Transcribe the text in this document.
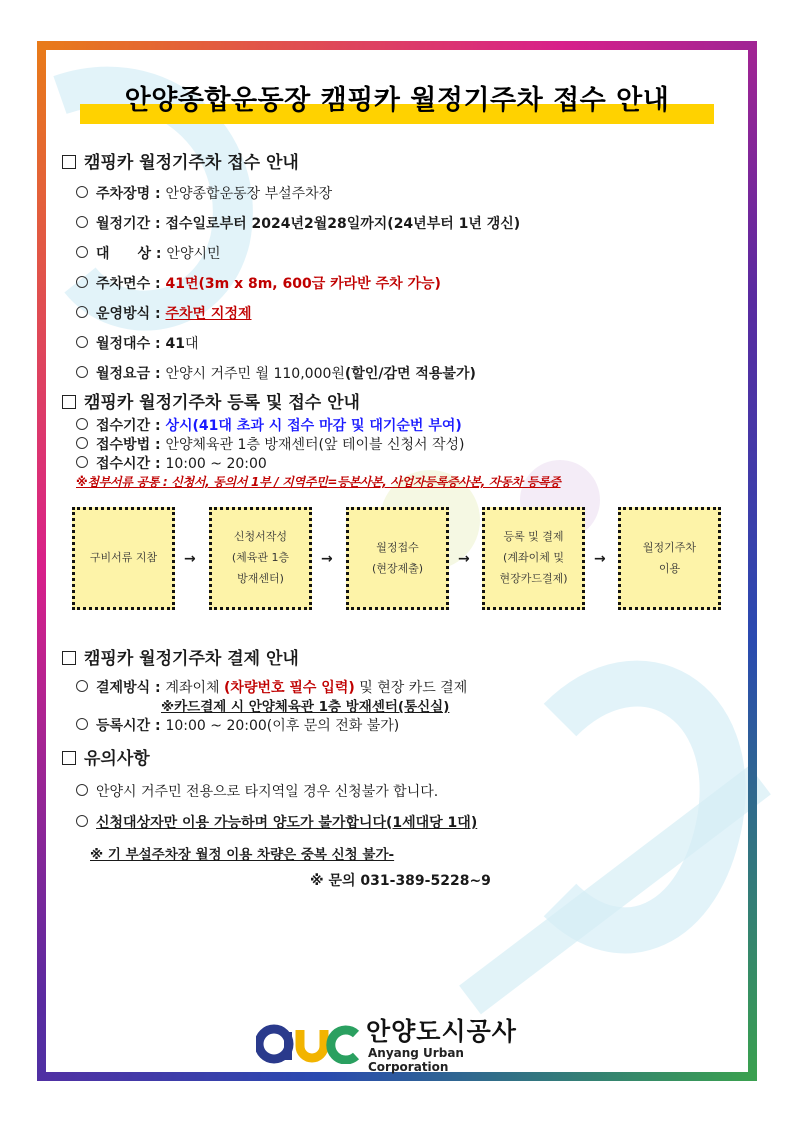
안양종합운동장 캠핑카 월정기주차 접수 안내
캠핑카 월정기주차 접수 안내
주차장명 : 안양종합운동장 부설주차장
월정기간 : 접수일로부터 2024년2월28일까지(24년부터 1년 갱신)
대　　상 : 안양시민
주차면수 : 41면(3m x 8m, 600급 카라반 주차 가능)
운영방식 : 주차면 지정제
월정대수 : 41대
월정요금 : 안양시 거주민 월 110,000원(할인/감면 적용불가)
캠핑카 월정기주차 등록 및 접수 안내
접수기간 : 상시(41대 초과 시 접수 마감 및 대기순번 부여)
접수방법 : 안양체육관 1층 방재센터(앞 테이블 신청서 작성)
접수시간 : 10:00 ~ 20:00
※첨부서류 공통 : 신청서, 동의서 1부 / 지역주민=등본사본, 사업자등록증사본, 자동차 등록증
구비서류 지참	→
신청서작성
(체육관 1층
방재센터)
→
월정접수
(현장제출)
→
등록 및 결제
(계좌이체 및
현장카드결제)
→
월정기주차
이용
캠핑카 월정기주차 결제 안내
결제방식 : 계좌이체 (차량번호 필수 입력) 및 현장 카드 결제
※카드결제 시 안양체육관 1층 방재센터(통신실)
등록시간 : 10:00 ~ 20:00(이후 문의 전화 불가)
유의사항
안양시 거주민 전용으로 타지역일 경우 신청불가 합니다.
신청대상자만 이용 가능하며 양도가 불가합니다(1세대당 1대)
※ 기 부설주차장 월정 이용 차량은 중복 신청 불가-
※ 문의 031-389-5228~9
안양도시공사
Anyang Urban Corporation
